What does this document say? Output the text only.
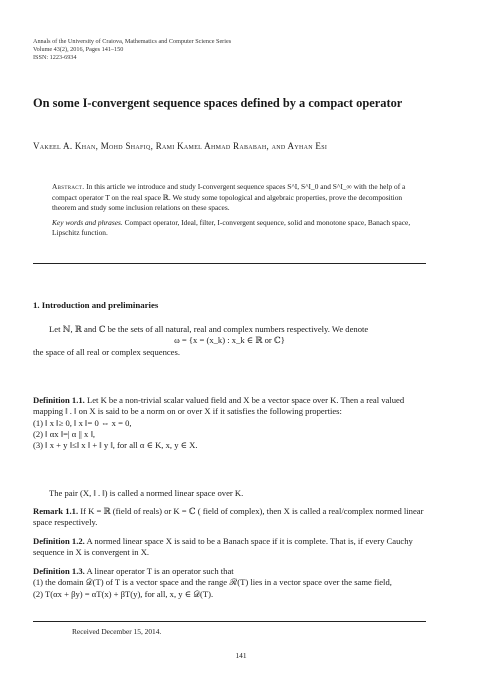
Annals of the University of Craiova, Mathematics and Computer Science Series
Volume 43(2), 2016, Pages 141–150
ISSN: 1223-6934
On some I-convergent sequence spaces defined by a compact operator
Vakeel A. Khan, Mohd Shafiq, Rami Kamel Ahmad Rababah, and Ayhan Esi

Abstract. In this article we introduce and study I-convergent sequence spaces S^I, S^I_0 and S^I_∞ with the help of a compact operator T on the real space ℝ. We study some topological and algebraic properties, prove the decomposition theorem and study some inclusion relations on these spaces.

Key words and phrases. Compact operator, Ideal, filter, I-convergent sequence, solid and monotone space, Banach space, Lipschitz function.

1. Introduction and preliminaries

Let ℕ, ℝ and ℂ be the sets of all natural, real and complex numbers respectively. We denote

ω = {x = (x_k) : x_k ∈ ℝ or ℂ}

the space of all real or complex sequences.

Definition 1.1. Let K be a non-trivial scalar valued field and X be a vector space over K. Then a real valued mapping ‖ . ‖ on X is said to be a norm on or over X if it satisfies the following properties:

(1) ‖ x ‖≥ 0, ‖ x ‖= 0 ⇔ x = 0,

(2) ‖ αx ‖=| α || x ‖,

(3) ‖ x + y ‖≤‖ x ‖ + ‖ y ‖, for all α ∈ K, x, y ∈ X.

The pair (X, ‖ . ‖) is called a normed linear space over K.

Remark 1.1. If K = ℝ (field of reals) or K = ℂ ( field of complex), then X is called a real/complex normed linear space respectively.

Definition 1.2. A normed linear space X is said to be a Banach space if it is complete. That is, if every Cauchy sequence in X is convergent in X.

Definition 1.3. A linear operator T is an operator such that

(1) the domain 𝒟(T) of T is a vector space and the range ℛ(T) lies in a vector space over the same field,

(2) T(αx + βy) = αT(x) + βT(y), for all, x, y ∈ 𝒟(T).

Received December 15, 2014.
141
